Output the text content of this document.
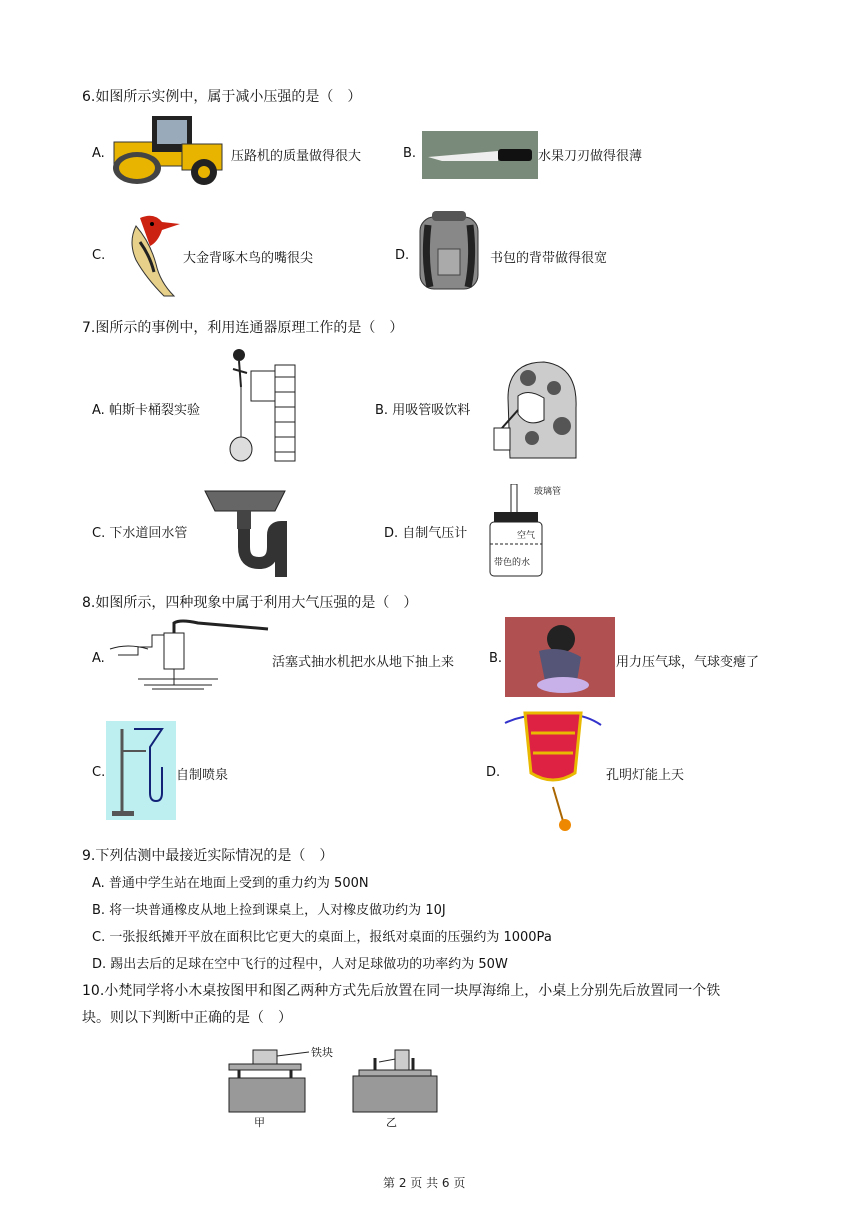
6.如图所示实例中，属于减小压强的是（　）
A.	压路机的质量做得很大	B.	水果刀刃做得很薄
C.	大金背啄木鸟的嘴很尖	D.	书包的背带做得很宽
7.图所示的事例中，利用连通器原理工作的是（　）
A. 帕斯卡桶裂实验	B. 用吸管吸饮料
C. 下水道回水管	D. 自制气压计
玻璃管
空气
带色的水
8.如图所示，四种现象中属于利用大气压强的是（　）
A.	活塞式抽水机把水从地下抽上来	B.	用力压气球，气球变瘪了
C.	自制喷泉	D.	孔明灯能上天
9.下列估测中最接近实际情况的是（　）
A. 普通中学生站在地面上受到的重力约为 500N
B. 将一块普通橡皮从地上捡到课桌上，人对橡皮做功约为 10J
C. 一张报纸摊开平放在面积比它更大的桌面上，报纸对桌面的压强约为 1000Pa
D. 踢出去后的足球在空中飞行的过程中，人对足球做功的功率约为 50W
10.小梵同学将小木桌按图甲和图乙两种方式先后放置在同一块厚海绵上，小桌上分别先后放置同一个铁
块。则以下判断中正确的是（　）
铁块
甲	乙
第 2 页 共 6 页
